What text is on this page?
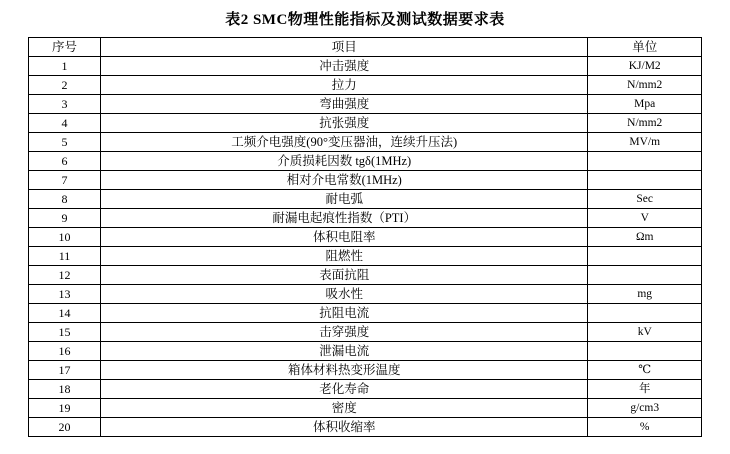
表2 SMC物理性能指标及测试数据要求表
序号	项目	单位	
1	冲击强度	KJ/M2	
2	拉力	N/mm2	
3	弯曲强度	Mpa	
4	抗张强度	N/mm2	
5	工频介电强度(90°变压器油，连续升压法)	MV/m	
6	介质损耗因数 tgδ(1MHz)		
7	相对介电常数(1MHz)		
8	耐电弧	Sec	
9	耐漏电起痕性指数（PTI）	V	
10	体积电阻率	Ωm	
11	阻燃性		
12	表面抗阻		
13	吸水性	mg	
14	抗阻电流		
15	击穿强度	kV	
16	泄漏电流		
17	箱体材料热变形温度	℃	
18	老化寿命	年	
19	密度	g/cm3	
20	体积收缩率	%	
